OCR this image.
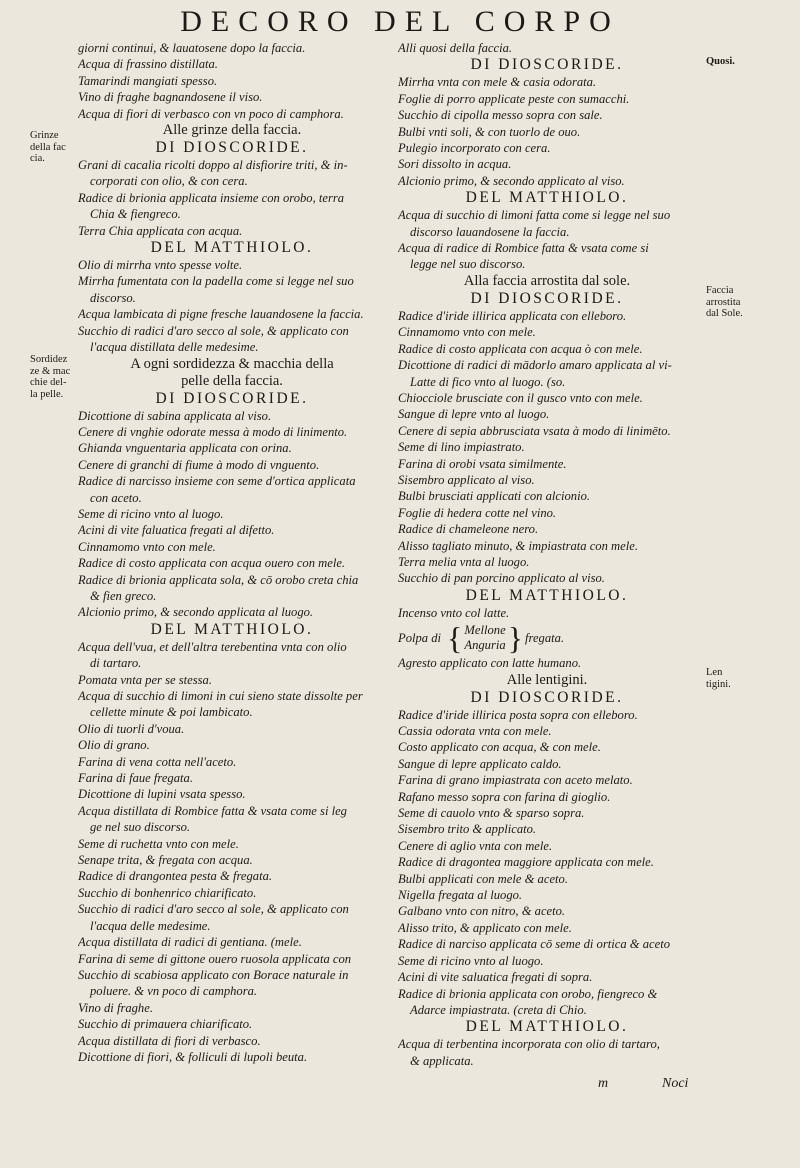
DECORO DEL CORPO
giorni continui, & lauatosene dopo la faccia.
Acqua di frassino distillata.
Tamarindi mangiati spesso.
Vino di fraghe bagnandosene il viso.
Acqua di fiori di verbasco con vn poco di camphora.
Alle grinze della faccia.
DI DIOSCORIDE.
Grani di cacalia ricolti doppo al disfiorire triti, & in-
corporati con olio, & con cera.
Radice di brionia applicata insieme con orobo, terra
Chia & fiengreco.
Terra Chia applicata con acqua.
DEL MATTHIOLO.
Olio di mirrha vnto spesse volte.
Mirrha fumentata con la padella come si legge nel suo
discorso.
Acqua lambicata di pigne fresche lauandosene la faccia.
Succhio di radici d'aro secco al sole, & applicato con
l'acqua distillata delle medesime.
A ogni sordidezza & macchia della
pelle della faccia.
DI DIOSCORIDE.
Dicottione di sabina applicata al viso.
Cenere di vnghie odorate messa à modo di linimento.
Ghianda vnguentaria applicata con orina.
Cenere di granchi di fiume à modo di vnguento.
Radice di narcisso insieme con seme d'ortica applicata
con aceto.
Seme di ricino vnto al luogo.
Acini di vite faluatica fregati al difetto.
Cinnamomo vnto con mele.
Radice di costo applicata con acqua ouero con mele.
Radice di brionia applicata sola, & cō orobo creta chia
& fien greco.
Alcionio primo, & secondo applicata al luogo.
DEL MATTHIOLO.
Acqua dell'vua, et dell'altra terebentina vnta con olio
di tartaro.
Pomata vnta per se stessa.
Acqua di succhio di limoni in cui sieno state dissolte per
cellette minute & poi lambicato.
Olio di tuorli d'voua.
Olio di grano.
Farina di vena cotta nell'aceto.
Farina di faue fregata.
Dicottione di lupini vsata spesso.
Acqua distillata di Rombice fatta & vsata come si leg
ge nel suo discorso.
Seme di ruchetta vnto con mele.
Senape trita, & fregata con acqua.
Radice di drangontea pesta & fregata.
Succhio di bonhenrico chiarificato.
Succhio di radici d'aro secco al sole, & applicato con
l'acqua delle medesime.
Acqua distillata di radici di gentiana. (mele.
Farina di seme di gittone ouero ruosola applicata con
Succhio di scabiosa applicato con Borace naturale in
poluere. & vn poco di camphora.
Vino di fraghe.
Succhio di primauera chiarificato.
Acqua distillata di fiori di verbasco.
Dicottione di fiori, & folliculi di lupoli beuta.
Alli quosi della faccia.
DI DIOSCORIDE.
Mirrha vnta con mele & casia odorata.
Foglie di porro applicate peste con sumacchi.
Succhio di cipolla messo sopra con sale.
Bulbi vnti soli, & con tuorlo de ouo.
Pulegio incorporato con cera.
Sori dissolto in acqua.
Alcionio primo, & secondo applicato al viso.
DEL MATTHIOLO.
Acqua di succhio di limoni fatta come si legge nel suo
discorso lauandosene la faccia.
Acqua di radice di Rombice fatta & vsata come si
legge nel suo discorso.
Alla faccia arrostita dal sole.
DI DIOSCORIDE.
Radice d'iride illirica applicata con elleboro.
Cinnamomo vnto con mele.
Radice di costo applicata con acqua ò con mele.
Dicottione di radici di mādorlo amaro applicata al vi-
Latte di fico vnto al luogo. (so.
Chiocciole brusciate con il gusco vnto con mele.
Sangue di lepre vnto al luogo.
Cenere di sepia abbrusciata vsata à modo di linimēto.
Seme di lino impiastrato.
Farina di orobi vsata similmente.
Sisembro applicato al viso.
Bulbi brusciati applicati con alcionio.
Foglie di hedera cotte nel vino.
Radice di chameleone nero.
Alisso tagliato minuto, & impiastrata con mele.
Terra melia vnta al luogo.
Succhio di pan porcino applicato al viso.
DEL MATTHIOLO.
Incenso vnto col latte.
Polpa di { Mellone
Anguria } fregata.
Agresto applicato con latte humano.
Alle lentigini.
DI DIOSCORIDE.
Radice d'iride illirica posta sopra con elleboro.
Cassia odorata vnta con mele.
Costo applicato con acqua, & con mele.
Sangue di lepre applicato caldo.
Farina di grano impiastrata con aceto melato.
Rafano messo sopra con farina di gioglio.
Seme di cauolo vnto & sparso sopra.
Sisembro trito & applicato.
Cenere di aglio vnta con mele.
Radice di dragontea maggiore applicata con mele.
Bulbi applicati con mele & aceto.
Nigella fregata al luogo.
Galbano vnto con nitro, & aceto.
Alisso trito, & applicato con mele.
Radice di narciso applicata cō seme di ortica & aceto
Seme di ricino vnto al luogo.
Acini di vite saluatica fregati di sopra.
Radice di brionia applicata con orobo, fiengreco &
Adarce impiastrata. (creta di Chio.
DEL MATTHIOLO.
Acqua di terbentina incorporata con olio di tartaro,
& applicata.
Grinze
della fac
cia.
Sordidez
ze & mac
chie del-
la pelle.
Quosi.
Faccia
arrostita
dal Sole.
Len
tigini.
m	Noci
